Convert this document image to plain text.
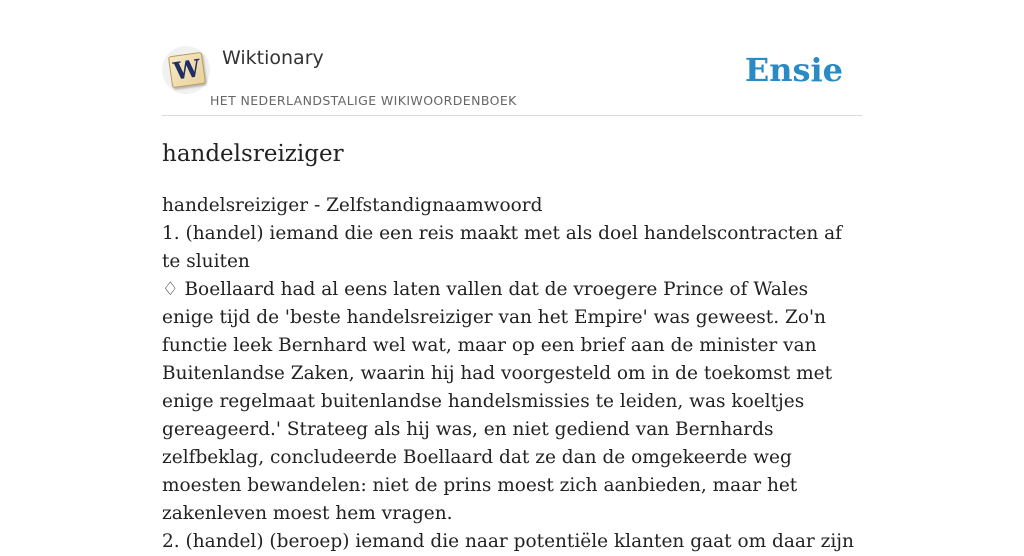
W Wiktionary
HET NEDERLANDSTALIGE WIKIWOORDENBOEK
Ensie
handelsreiziger

handelsreiziger - Zelfstandignaamwoord

1. (handel) iemand die een reis maakt met als doel handelscontracten af te sluiten

♢ Boellaard had al eens laten vallen dat de vroegere Prince of Wales enige tijd de 'beste handelsreiziger van het Empire' was geweest. Zo'n functie leek Bernhard wel wat, maar op een brief aan de minister van Buitenlandse Zaken, waarin hij had voorgesteld om in de toekomst met enige regelmaat buitenlandse handelsmissies te leiden, was koeltjes gereageerd.' Strateeg als hij was, en niet gediend van Bernhards zelfbeklag, concludeerde Boellaard dat ze dan de omgekeerde weg moesten bewandelen: niet de prins moest zich aanbieden, maar het zakenleven moest hem vragen.

2. (handel) (beroep) iemand die naar potentiële klanten gaat om daar zijn
